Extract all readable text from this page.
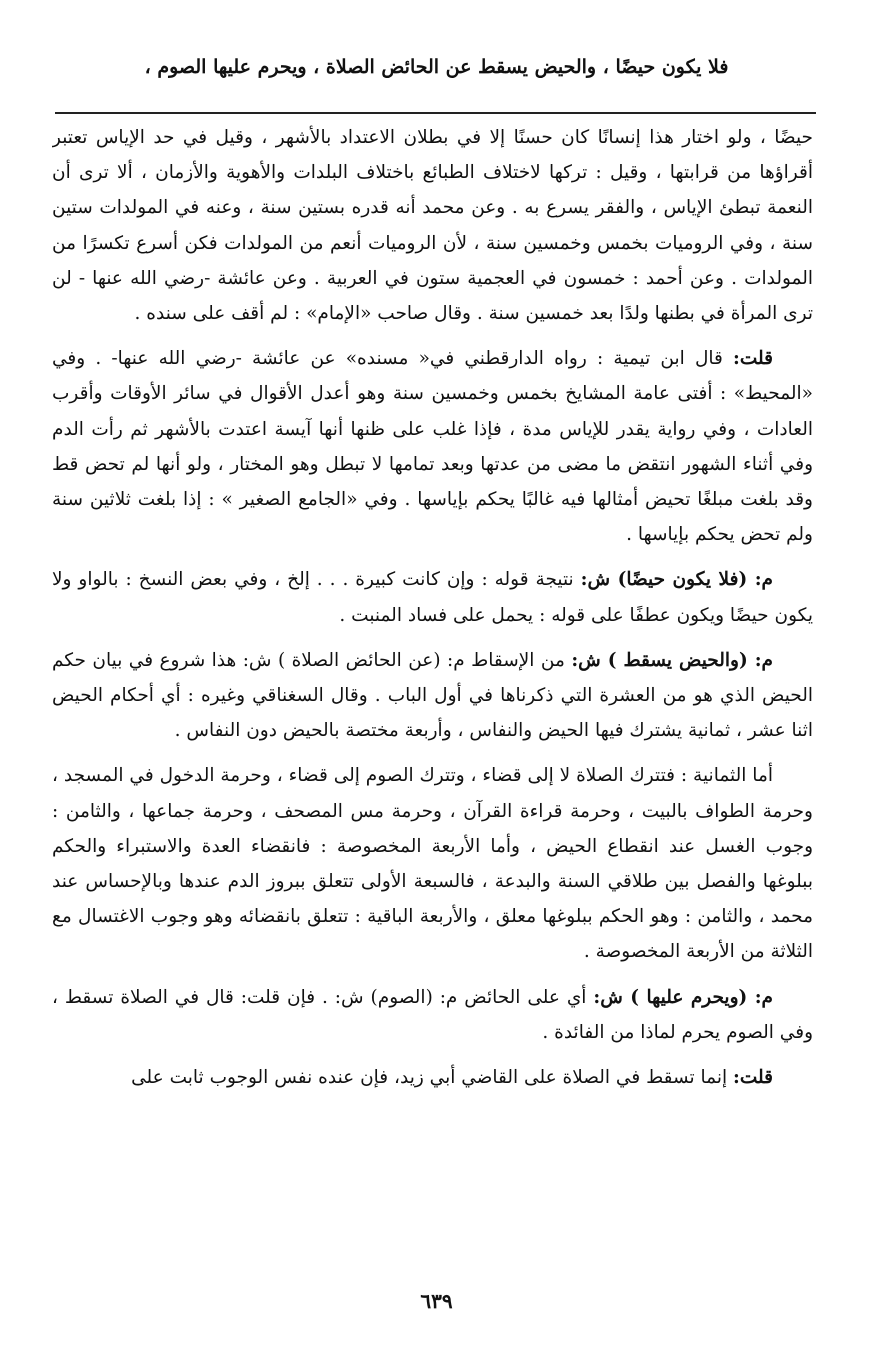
فلا يكون حيضًا ، والحيض يسقط عن الحائض الصلاة ، ويحرم عليها الصوم ،

حيضًا ، ولو اختار هذا إنسانًا كان حسنًا إلا في بطلان الاعتداد بالأشهر ، وقيل في حد الإياس تعتبر أقراؤها من قرابتها ، وقيل : تركها لاختلاف الطبائع باختلاف البلدات والأهوية والأزمان ، ألا ترى أن النعمة تبطئ الإياس ، والفقر يسرع به . وعن محمد أنه قدره بستين سنة ، وعنه في المولدات ستين سنة ، وفي الروميات بخمس وخمسين سنة ، لأن الروميات أنعم من المولدات فكن أسرع تكسرًا من المولدات . وعن أحمد : خمسون في العجمية ستون في العربية . وعن عائشة -رضي الله عنها - لن ترى المرأة في بطنها ولدًا بعد خمسين سنة . وقال صاحب «الإمام» : لم أقف على سنده .

قلت: قال ابن تيمية : رواه الدارقطني في« مسنده» عن عائشة -رضي الله عنها- . وفي «المحيط» : أفتى عامة المشايخ بخمس وخمسين سنة وهو أعدل الأقوال في سائر الأوقات وأقرب العادات ، وفي رواية يقدر للإياس مدة ، فإذا غلب على ظنها أنها آيسة اعتدت بالأشهر ثم رأت الدم وفي أثناء الشهور انتقض ما مضى من عدتها وبعد تمامها لا تبطل وهو المختار ، ولو أنها لم تحض قط وقد بلغت مبلغًا تحيض أمثالها فيه غالبًا يحكم بإياسها . وفي «الجامع الصغير » : إذا بلغت ثلاثين سنة ولم تحض يحكم بإياسها .

م: (فلا يكون حيضًا) ش: نتيجة قوله : وإن كانت كبيرة . . . إلخ ، وفي بعض النسخ : بالواو ولا يكون حيضًا ويكون عطفًا على قوله : يحمل على فساد المنبت .

م: (والحيض يسقط ) ش: من الإسقاط م: (عن الحائض الصلاة ) ش: هذا شروع في بيان حكم الحيض الذي هو من العشرة التي ذكرناها في أول الباب . وقال السغناقي وغيره : أي أحكام الحيض اثنا عشر ، ثمانية يشترك فيها الحيض والنفاس ، وأربعة مختصة بالحيض دون النفاس .

أما الثمانية : فتترك الصلاة لا إلى قضاء ، وتترك الصوم إلى قضاء ، وحرمة الدخول في المسجد ، وحرمة الطواف بالبيت ، وحرمة قراءة القرآن ، وحرمة مس المصحف ، وحرمة جماعها ، والثامن : وجوب الغسل عند انقطاع الحيض ، وأما الأربعة المخصوصة : فانقضاء العدة والاستبراء والحكم ببلوغها والفصل بين طلاقي السنة والبدعة ، فالسبعة الأولى تتعلق ببروز الدم عندها وبالإحساس عند محمد ، والثامن : وهو الحكم ببلوغها معلق ، والأربعة الباقية : تتعلق بانقضائه وهو وجوب الاغتسال مع الثلاثة من الأربعة المخصوصة .

م: (ويحرم عليها ) ش: أي على الحائض م: (الصوم) ش: . فإن قلت: قال في الصلاة تسقط ، وفي الصوم يحرم لماذا من الفائدة .

قلت: إنما تسقط في الصلاة على القاضي أبي زيد، فإن عنده نفس الوجوب ثابت على

٦٣٩
